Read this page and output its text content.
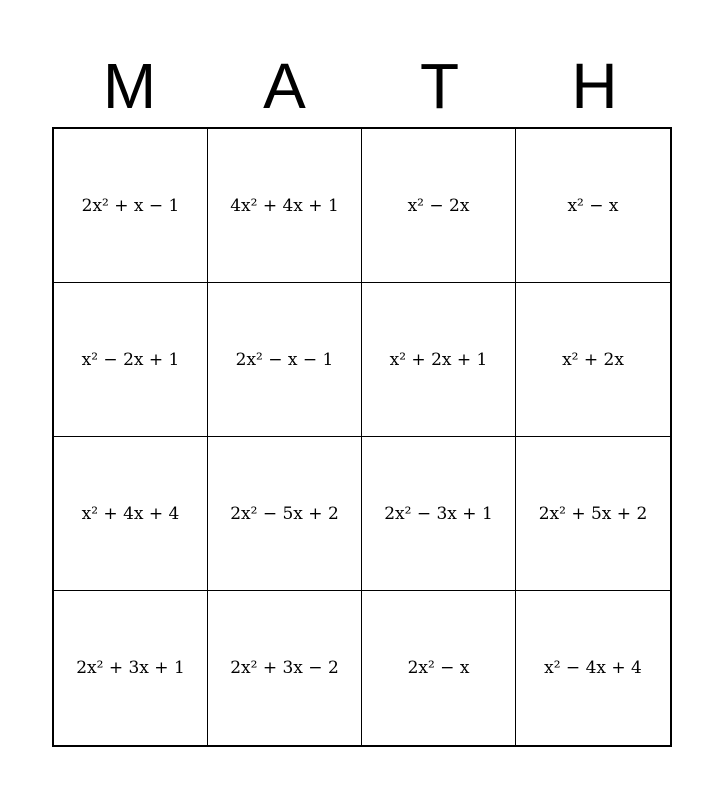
M	A	T	H
2x² + x − 1	4x² + 4x + 1	x² − 2x	x² − x
x² − 2x + 1	2x² − x − 1	x² + 2x + 1	x² + 2x
x² + 4x + 4	2x² − 5x + 2	2x² − 3x + 1	2x² + 5x + 2
2x² + 3x + 1	2x² + 3x − 2	2x² − x	x² − 4x + 4
